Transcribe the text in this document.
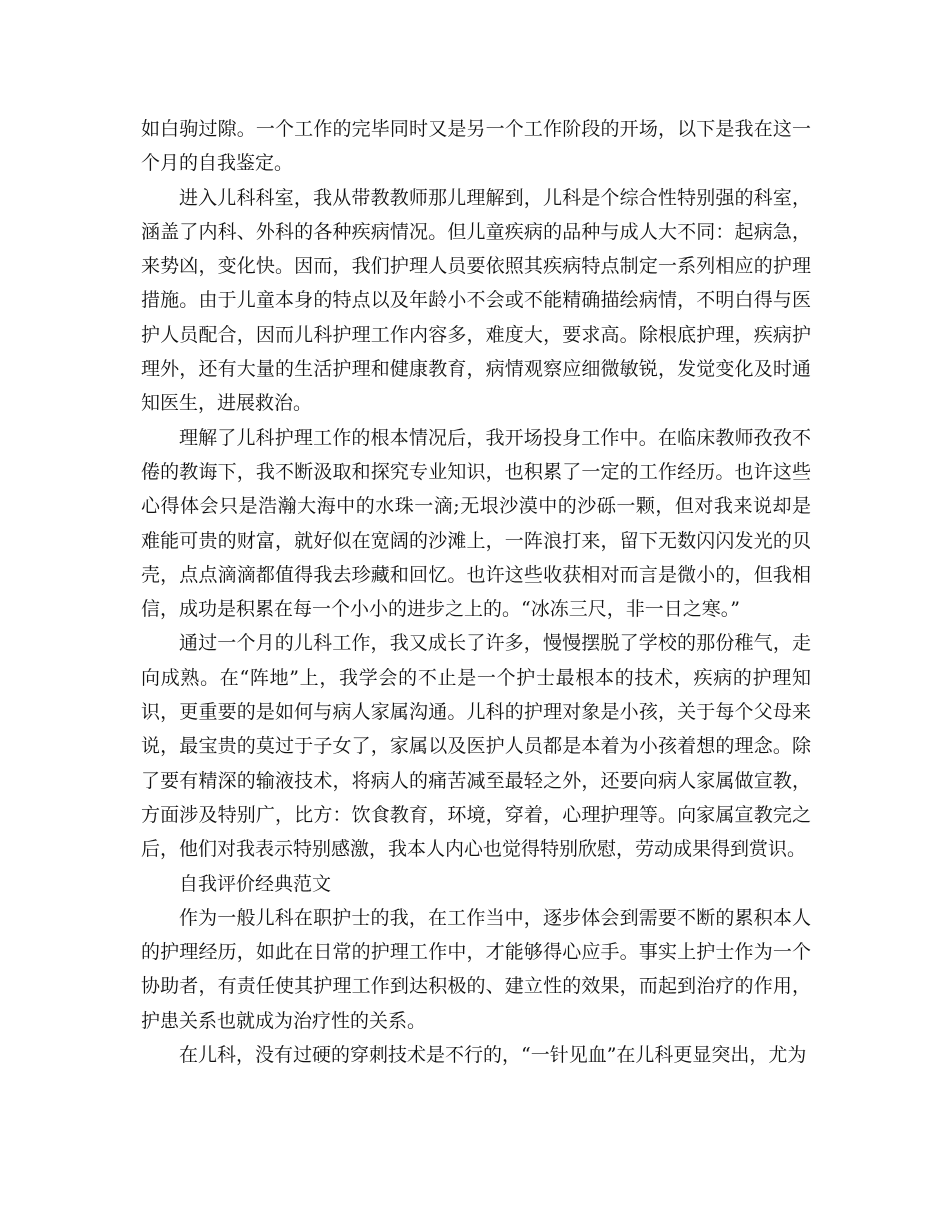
如白驹过隙。一个工作的完毕同时又是另一个工作阶段的开场，以下是我在这一个月的自我鉴定。

进入儿科科室，我从带教教师那儿理解到，儿科是个综合性特别强的科室，涵盖了内科、外科的各种疾病情况。但儿童疾病的品种与成人大不同：起病急，来势凶，变化快。因而，我们护理人员要依照其疾病特点制定一系列相应的护理措施。由于儿童本身的特点以及年龄小不会或不能精确描绘病情，不明白得与医护人员配合，因而儿科护理工作内容多，难度大，要求高。除根底护理，疾病护理外，还有大量的生活护理和健康教育，病情观察应细微敏锐，发觉变化及时通知医生，进展救治。

理解了儿科护理工作的根本情况后，我开场投身工作中。在临床教师孜孜不倦的教诲下，我不断汲取和探究专业知识，也积累了一定的工作经历。也许这些心得体会只是浩瀚大海中的水珠一滴;无垠沙漠中的沙砾一颗，但对我来说却是难能可贵的财富，就好似在宽阔的沙滩上，一阵浪打来，留下无数闪闪发光的贝壳，点点滴滴都值得我去珍藏和回忆。也许这些收获相对而言是微小的，但我相信，成功是积累在每一个小小的进步之上的。“冰冻三尺，非一日之寒。”

通过一个月的儿科工作，我又成长了许多，慢慢摆脱了学校的那份稚气，走向成熟。在“阵地”上，我学会的不止是一个护士最根本的技术，疾病的护理知识，更重要的是如何与病人家属沟通。儿科的护理对象是小孩，关于每个父母来说，最宝贵的莫过于子女了，家属以及医护人员都是本着为小孩着想的理念。除了要有精深的输液技术，将病人的痛苦减至最轻之外，还要向病人家属做宣教，方面涉及特别广，比方：饮食教育，环境，穿着，心理护理等。向家属宣教完之后，他们对我表示特别感激，我本人内心也觉得特别欣慰，劳动成果得到赏识。

自我评价经典范文

作为一般儿科在职护士的我，在工作当中，逐步体会到需要不断的累积本人的护理经历，如此在日常的护理工作中，才能够得心应手。事实上护士作为一个协助者，有责任使其护理工作到达积极的、建立性的效果，而起到治疗的作用，护患关系也就成为治疗性的关系。

在儿科，没有过硬的穿刺技术是不行的，“一针见血”在儿科更显突出，尤为
